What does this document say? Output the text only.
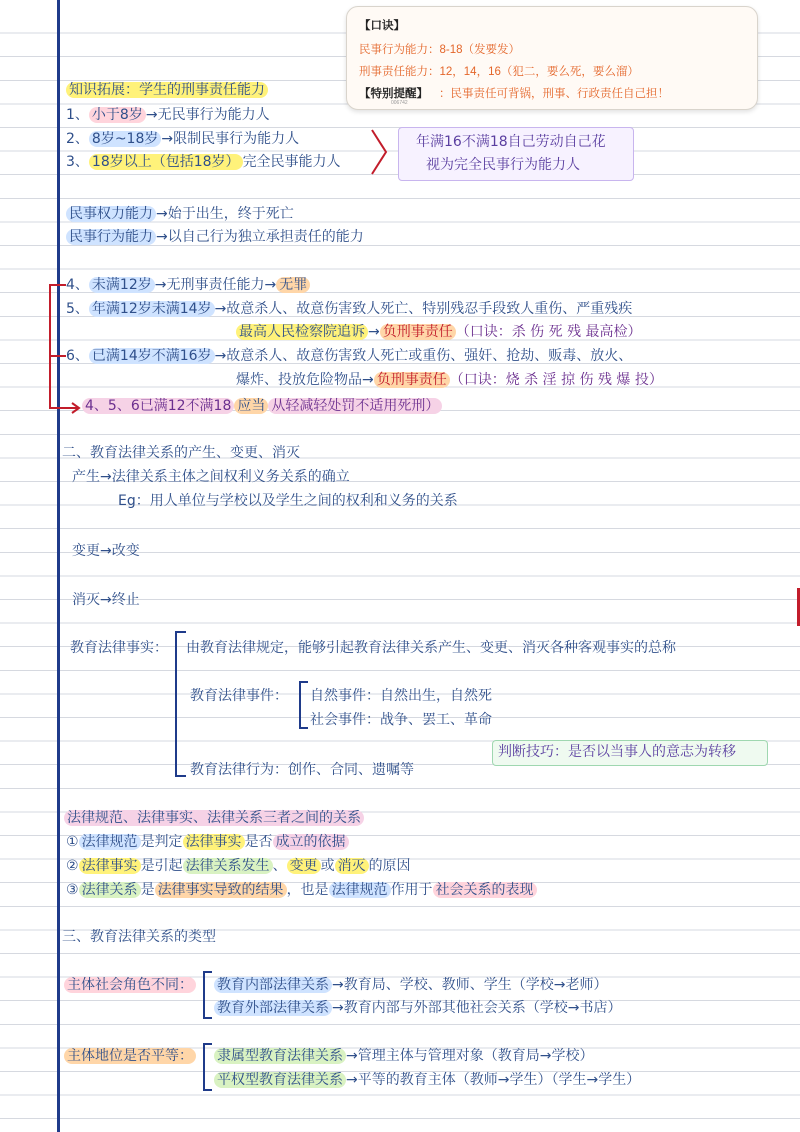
【口诀】
民事行为能力：8-18（发要发）
刑事责任能力：12，14，16（犯二，要么死，要么溜）
【特别提醒】 ：民事责任可背锅，刑事、行政责任自己担！
006742
知识拓展：学生的刑事责任能力
1、 小于8岁 →无民事行为能力人
2、 8岁~18岁 →限制民事行为能力人
3、 18岁以上（包括18岁） 完全民事能力人
年满16不满18自己劳动自己花
视为完全民事行为能力人
民事权力能力 →始于出生，终于死亡
民事行为能力 →以自己行为独立承担责任的能力
4、 未满12岁 →无刑事责任能力→ 无罪
5、 年满12岁未满14岁 →故意杀人、故意伤害致人死亡、特别残忍手段致人重伤、严重残疾
最高人民检察院追诉 → 负刑事责任 （口诀：杀 伤 死 残 最高检）
6、 已满14岁不满16岁 →故意杀人、故意伤害致人死亡或重伤、强奸、抢劫、贩毒、放火、
爆炸、投放危险物品→ 负刑事责任 （口诀：烧 杀 淫 掠 伤 残 爆 投）
4、5、6已满12不满18 应当 从轻减轻处罚不适用死刑）
二、教育法律关系的产生、变更、消灭
产生→法律关系主体之间权利义务关系的确立
Eg：用人单位与学校以及学生之间的权利和义务的关系
变更→改变
消灭→终止
教育法律事实： 由教育法律规定，能够引起教育法律关系产生、变更、消灭各种客观事实的总称
教育法律事件： 自然事件：自然出生，自然死
社会事件：战争、罢工、革命
判断技巧：是否以当事人的意志为转移
教育法律行为：创作、合同、遗嘱等
法律规范、法律事实、法律关系三者之间的关系
① 法律规范 是判定 法律事实 是否 成立的依据
② 法律事实 是引起 法律关系发生 、 变更 或 消灭 的原因
③ 法律关系 是 法律事实导致的结果 ，也是 法律规范 作用于 社会关系的表现
三、教育法律关系的类型
主体社会角色不同： 教育内部法律关系 →教育局、学校、教师、学生（学校→老师）
教育外部法律关系 →教育内部与外部其他社会关系（学校→书店）
主体地位是否平等： 隶属型教育法律关系 →管理主体与管理对象（教育局→学校）
平权型教育法律关系 →平等的教育主体（教师→学生）（学生→学生）
